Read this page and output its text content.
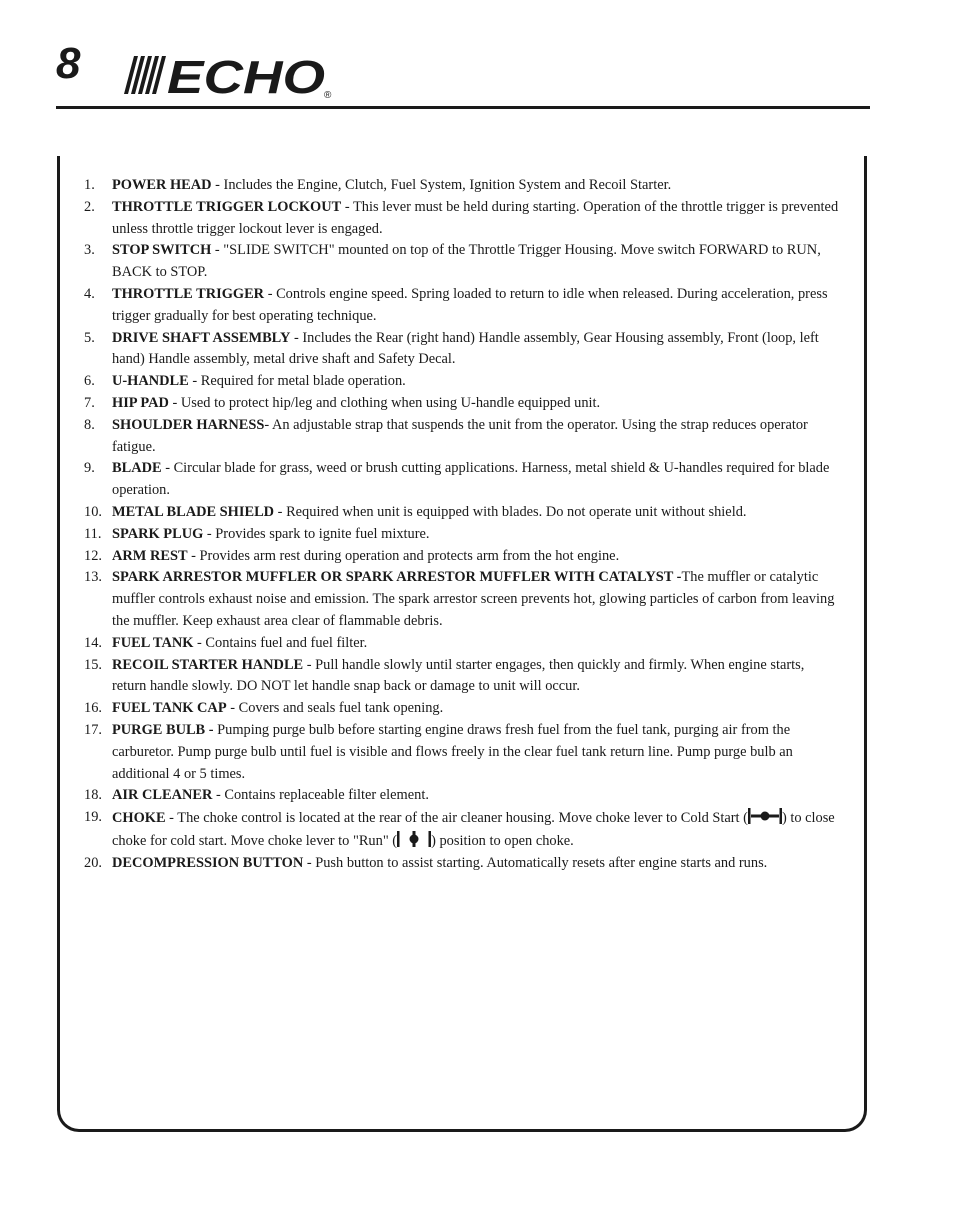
8 ECHO
®
1. POWER HEAD - Includes the Engine, Clutch, Fuel System, Ignition System and Recoil Starter.
2. THROTTLE TRIGGER LOCKOUT - This lever must be held during starting. Operation of the throttle trigger is prevented unless throttle trigger lockout lever is engaged.
3. STOP SWITCH - "SLIDE SWITCH" mounted on top of the Throttle Trigger Housing. Move switch FORWARD to RUN, BACK to STOP.
4. THROTTLE TRIGGER - Controls engine speed. Spring loaded to return to idle when released. During acceleration, press trigger gradually for best operating technique.
5. DRIVE SHAFT ASSEMBLY - Includes the Rear (right hand) Handle assembly, Gear Housing assembly, Front (loop, left hand) Handle assembly, metal drive shaft and Safety Decal.
6. U-HANDLE - Required for metal blade operation.
7. HIP PAD - Used to protect hip/leg and clothing when using U-handle equipped unit.
8. SHOULDER HARNESS- An adjustable strap that suspends the unit from the operator. Using the strap reduces operator fatigue.
9. BLADE - Circular blade for grass, weed or brush cutting applications. Harness, metal shield & U-handles required for blade operation.
10. METAL BLADE SHIELD - Required when unit is equipped with blades. Do not operate unit without shield.
11. SPARK PLUG - Provides spark to ignite fuel mixture.
12. ARM REST - Provides arm rest during operation and protects arm from the hot engine.
13. SPARK ARRESTOR MUFFLER OR SPARK ARRESTOR MUFFLER WITH CATALYST -The muffler or catalytic muffler controls exhaust noise and emission. The spark arrestor screen prevents hot, glowing particles of carbon from leaving the muffler. Keep exhaust area clear of flammable debris.
14. FUEL TANK - Contains fuel and fuel filter.
15. RECOIL STARTER HANDLE - Pull handle slowly until starter engages, then quickly and firmly. When engine starts, return handle slowly. DO NOT let handle snap back or damage to unit will occur.
16. FUEL TANK CAP - Covers and seals fuel tank opening.
17. PURGE BULB - Pumping purge bulb before starting engine draws fresh fuel from the fuel tank, purging air from the carburetor. Pump purge bulb until fuel is visible and flows freely in the clear fuel tank return line. Pump purge bulb an additional 4 or 5 times.
18. AIR CLEANER - Contains replaceable filter element.
19. CHOKE - The choke control is located at the rear of the air cleaner housing. Move choke lever to Cold Start ( ) to close choke for cold start. Move choke lever to "Run" ( ) position to open choke.
20. DECOMPRESSION BUTTON - Push button to assist starting. Automatically resets after engine starts and runs.
